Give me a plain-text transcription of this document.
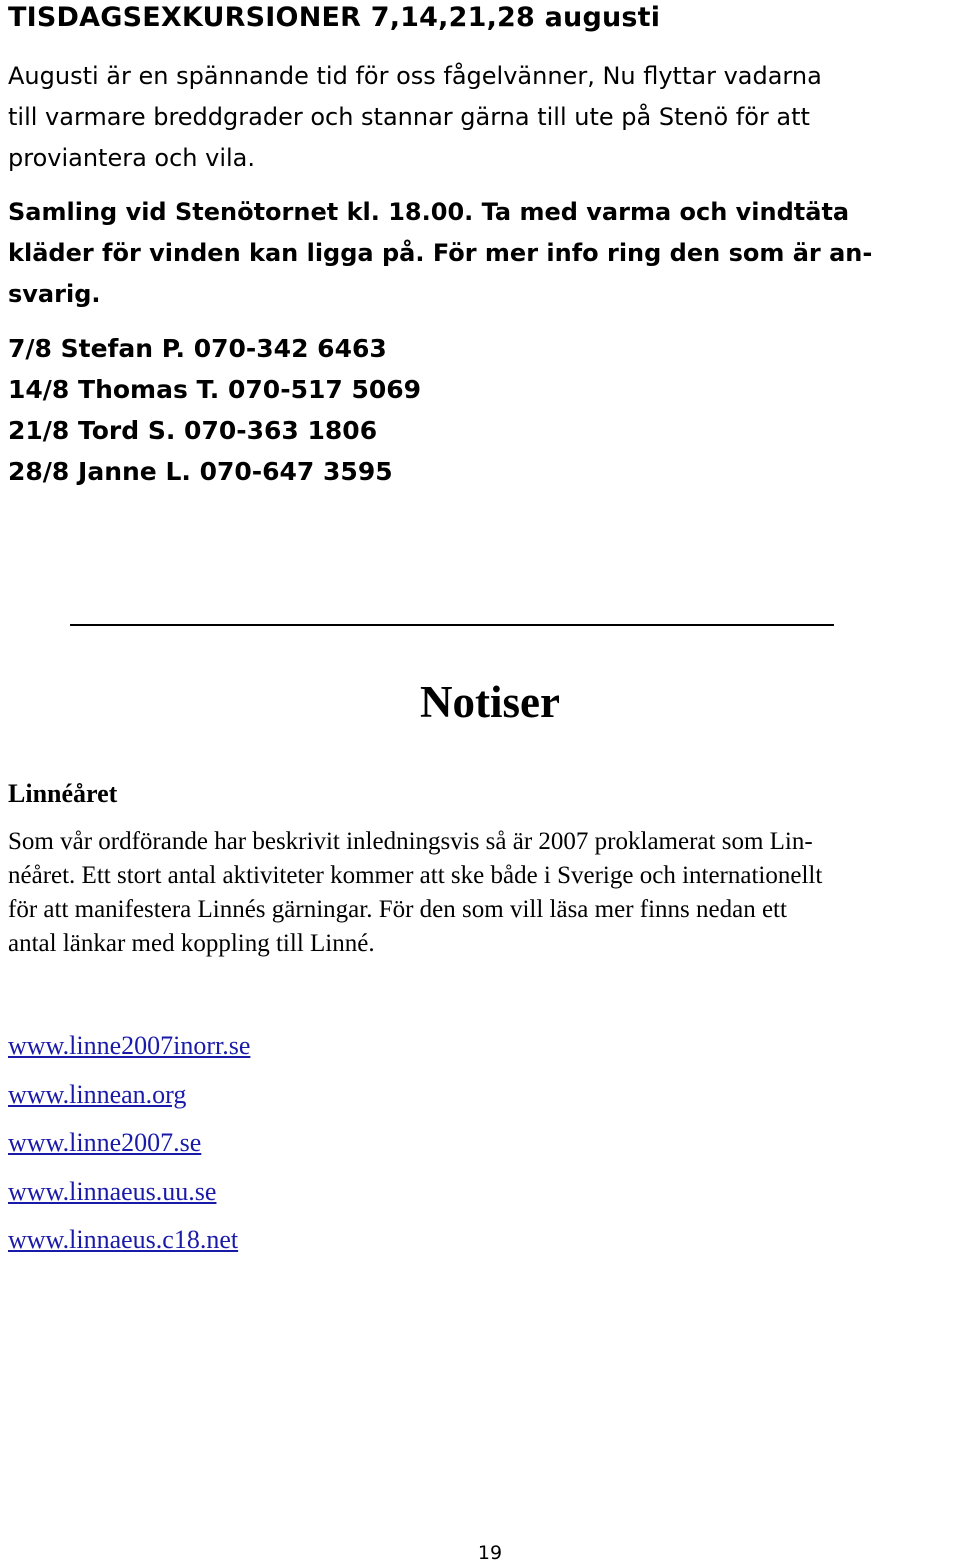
TISDAGSEXKURSIONER 7,14,21,28 augusti
Augusti är en spännande tid för oss fågelvänner, Nu flyttar vadarna
till varmare breddgrader och stannar gärna till ute på Stenö för att
proviantera och vila.
Samling vid Stenötornet kl. 18.00. Ta med varma och vindtäta
kläder för vinden kan ligga på. För mer info ring den som är an-
svarig.
7/8 Stefan P. 070-342 6463
14/8 Thomas T. 070-517 5069
21/8 Tord S. 070-363 1806
28/8 Janne L. 070-647 3595
Notiser
Linnéåret
Som vår ordförande har beskrivit inledningsvis så är 2007 proklamerat som Lin-
néåret. Ett stort antal aktiviteter kommer att ske både i Sverige och internationellt
för att manifestera Linnés gärningar. För den som vill läsa mer finns nedan ett
antal länkar med koppling till Linné.
www.linne2007inorr.se
www.linnean.org
www.linne2007.se
www.linnaeus.uu.se
www.linnaeus.c18.net
19
